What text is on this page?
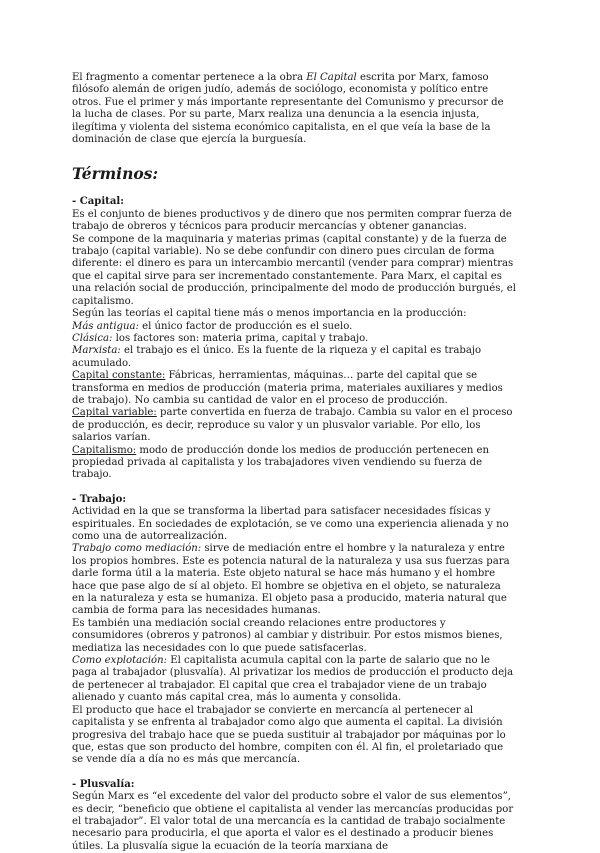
El fragmento a comentar pertenece a la obra El Capital escrita por Marx, famoso filósofo alemán de origen judío, además de sociólogo, economista y político entre otros. Fue el primer y más importante representante del Comunismo y precursor de la lucha de clases. Por su parte, Marx realiza una denuncia a la esencia injusta, ilegítima y violenta del sistema económico capitalista, en el que veía la base de la dominación de clase que ejercía la burguesía.

Términos:

- Capital:

Es el conjunto de bienes productivos y de dinero que nos permiten comprar fuerza de trabajo de obreros y técnicos para producir mercancías y obtener ganancias.

Se compone de la maquinaria y materias primas (capital constante) y de la fuerza de trabajo (capital variable). No se debe confundir con dinero pues circulan de forma diferente: el dinero es para un intercambio mercantil (vender para comprar) mientras que el capital sirve para ser incrementado constantemente. Para Marx, el capital es una relación social de producción, principalmente del modo de producción burgués, el capitalismo.

Según las teorías el capital tiene más o menos importancia en la producción:

Más antigua: el único factor de producción es el suelo.

Clásica: los factores son: materia prima, capital y trabajo.

Marxista: el trabajo es el único. Es la fuente de la riqueza y el capital es trabajo acumulado.

Capital constante: Fábricas, herramientas, máquinas… parte del capital que se transforma en medios de producción (materia prima, materiales auxiliares y medios de trabajo). No cambia su cantidad de valor en el proceso de producción.

Capital variable: parte convertida en fuerza de trabajo. Cambia su valor en el proceso de producción, es decir, reproduce su valor y un plusvalor variable. Por ello, los salarios varían.

Capitalismo: modo de producción donde los medios de producción pertenecen en propiedad privada al capitalista y los trabajadores viven vendiendo su fuerza de trabajo.

- Trabajo:

Actividad en la que se transforma la libertad para satisfacer necesidades físicas y espirituales. En sociedades de explotación, se ve como una experiencia alienada y no como una de autorrealización.

Trabajo como mediación: sirve de mediación entre el hombre y la naturaleza y entre los propios hombres. Este es potencia natural de la naturaleza y usa sus fuerzas para darle forma útil a la materia. Este objeto natural se hace más humano y el hombre hace que pase algo de sí al objeto. El hombre se objetiva en el objeto, se naturaleza en la naturaleza y esta se humaniza. El objeto pasa a producido, materia natural que cambia de forma para las necesidades humanas.

Es también una mediación social creando relaciones entre productores y consumidores (obreros y patronos) al cambiar y distribuir. Por estos mismos bienes, mediatiza las necesidades con lo que puede satisfacerlas.

Como explotación: El capitalista acumula capital con la parte de salario que no le paga al trabajador (plusvalía). Al privatizar los medios de producción el producto deja de pertenecer al trabajador. El capital que crea el trabajador viene de un trabajo alienado y cuanto más capital crea, más lo aumenta y consolida.

El producto que hace el trabajador se convierte en mercancía al pertenecer al capitalista y se enfrenta al trabajador como algo que aumenta el capital. La división progresiva del trabajo hace que se pueda sustituir al trabajador por máquinas por lo que, estas que son producto del hombre, compiten con él. Al fin, el proletariado que se vende día a día no es más que mercancía.

- Plusvalía:

Según Marx es “el excedente del valor del producto sobre el valor de sus elementos”, es decir, “beneficio que obtiene el capitalista al vender las mercancías producidas por el trabajador”. El valor total de una mercancía es la cantidad de trabajo socialmente necesario para producirla, el que aporta el valor es el destinado a producir bienes útiles. La plusvalía sigue la ecuación de la teoría marxiana de
